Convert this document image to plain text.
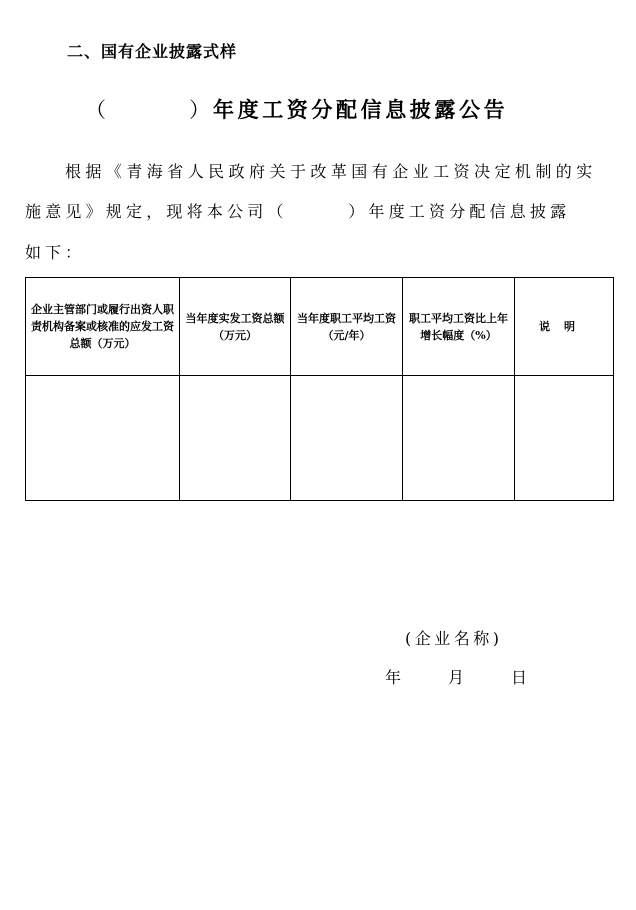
二、国有企业披露式样
（	） 年度工资分配信息披露公告
根据《青海省人民政府关于改革国有企业工资决定机制的实
施意见》规定，现将本公司（　　　）年度工资分配信息披露
如下：
企业主管部门或履行出资人职责机构备案或核准的应发工资总额（万元）	当年度实发工资总额（万元）	当年度职工平均工资（元/年）	职工平均工资比上年增长幅度（%）	说明

(企业名称)
年	月	日
